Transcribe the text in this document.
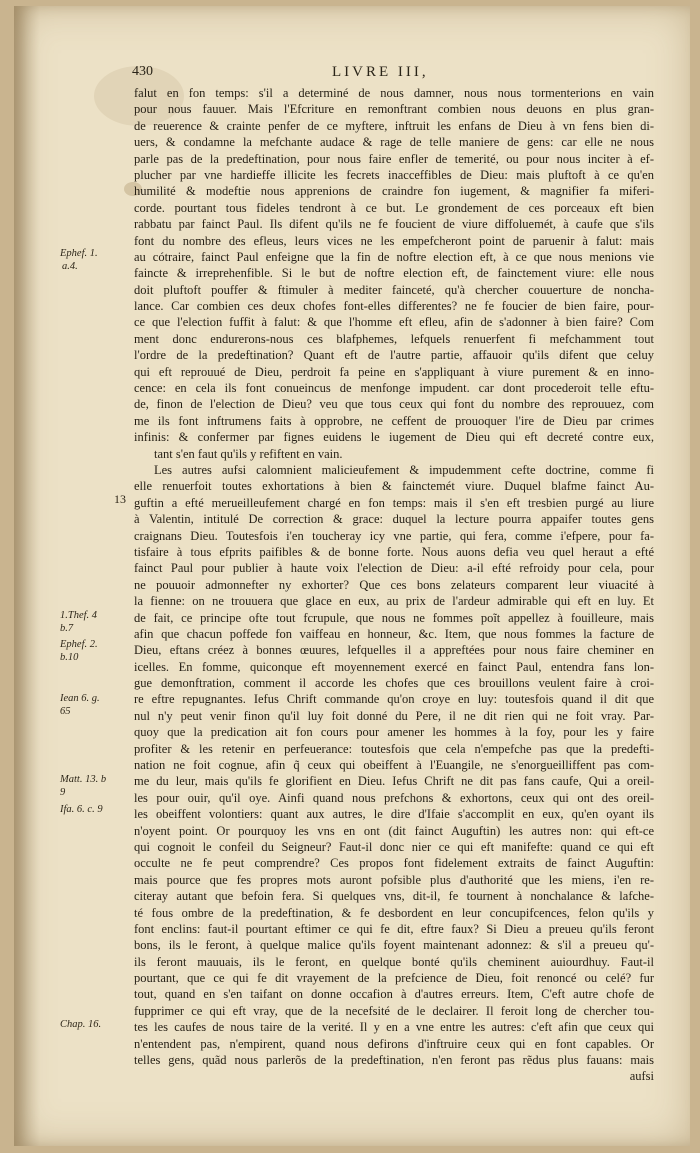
430	LIVRE III,
13
falut en fon temps: s'il a determiné de nous damner, nous nous tormenterions en vain
pour nous fauuer. Mais l'Efcriture en remonftrant combien nous deuons en plus gran-
de reuerence & crainte penfer de ce myftere, inftruit les enfans de Dieu à vn fens bien di-
uers, & condamne la mefchante audace & rage de telle maniere de gens: car elle ne nous
parle pas de la predeftination, pour nous faire enfler de temerité, ou pour nous inciter à ef-
plucher par vne hardieffe illicite les fecrets inacceffibles de Dieu: mais pluftoft à ce qu'en
humilité & modeftie nous apprenions de craindre fon iugement, & magnifier fa miferi-
corde. pourtant tous fideles tendront à ce but. Le grondement de ces porceaux eft bien
rabbatu par fainct Paul. Ils difent qu'ils ne fe foucient de viure diffoluemét, à caufe que s'ils
font du nombre des efleus, leurs vices ne les empefcheront point de paruenir à falut: mais
au cótraire, fainct Paul enfeigne que la fin de noftre election eft, à ce que nous menions vie
faincte & irreprehenfible. Si le but de noftre election eft, de fainctement viure: elle nous
doit pluftoft pouffer & ftimuler à mediter fainceté, qu'à chercher couuerture de noncha-
lance. Car combien ces deux chofes font-elles differentes? ne fe foucier de bien faire, pour-
ce que l'election fuffit à falut: & que l'homme eft efleu, afin de s'adonner à bien faire? Com
ment donc endurerons-nous ces blafphemes, lefquels renuerfent fi mefchamment tout
l'ordre de la predeftination? Quant eft de l'autre partie, affauoir qu'ils difent que celuy
qui eft reprouué de Dieu, perdroit fa peine en s'appliquant à viure purement & en inno-
cence: en cela ils font conueincus de menfonge impudent. car dont procederoit telle eftu-
de, finon de l'election de Dieu? veu que tous ceux qui font du nombre des reprouuez, com
me ils font inftrumens faits à opprobre, ne ceffent de prouoquer l'ire de Dieu par crimes
infinis: & confermer par fignes euidens le iugement de Dieu qui eft decreté contre eux,
tant s'en faut qu'ils y refiftent en vain.
Les autres aufsi calomnient malicieufement & impudemment cefte doctrine, comme fi
elle renuerfoit toutes exhortations à bien & fainctemét viure. Duquel blafme fainct Au-
guftin a efté merueilleufement chargé en fon temps: mais il s'en eft tresbien purgé au liure
à Valentin, intitulé De correction & grace: duquel la lecture pourra appaifer toutes gens
craignans Dieu. Toutesfois i'en toucheray icy vne partie, qui fera, comme i'efpere, pour fa-
tisfaire à tous efprits paifibles & de bonne forte. Nous auons defia veu quel heraut a efté
fainct Paul pour publier à haute voix l'election de Dieu: a-il efté refroidy pour cela, pour
ne pouuoir admonnefter ny exhorter? Que ces bons zelateurs comparent leur viuacité à
la fienne: on ne trouuera que glace en eux, au prix de l'ardeur admirable qui eft en luy. Et
de fait, ce principe ofte tout fcrupule, que nous ne fommes poĩt appellez à fouilleure, mais
afin que chacun poffede fon vaiffeau en honneur, &c. Item, que nous fommes la facture de
Dieu, eftans créez à bonnes œuures, lefquelles il a appreftées pour nous faire cheminer en
icelles. En fomme, quiconque eft moyennement exercé en fainct Paul, entendra fans lon-
gue demonftration, comment il accorde les chofes que ces brouillons veulent faire à croi-
re eftre repugnantes. Iefus Chrift commande qu'on croye en luy: toutesfois quand il dit que
nul n'y peut venir finon qu'il luy foit donné du Pere, il ne dit rien qui ne foit vray. Par-
quoy que la predication ait fon cours pour amener les hommes à la foy, pour les y faire
profiter & les retenir en perfeuerance: toutesfois que cela n'empefche pas que la predefti-
nation ne foit cognue, afin q̃ ceux qui obeiffent à l'Euangile, ne s'enorgueilliffent pas com-
me du leur, mais qu'ils fe glorifient en Dieu. Iefus Chrift ne dit pas fans caufe, Qui a oreil-
les pour ouir, qu'il oye. Ainfi quand nous prefchons & exhortons, ceux qui ont des oreil-
les obeiffent volontiers: quant aux autres, le dire d'Ifaie s'accomplit en eux, qu'en oyant ils
n'oyent point. Or pourquoy les vns en ont (dit fainct Auguftin) les autres non: qui eft-ce
qui cognoit le confeil du Seigneur? Faut-il donc nier ce qui eft manifefte: quand ce qui eft
occulte ne fe peut comprendre? Ces propos font fidelement extraits de fainct Auguftin:
mais pource que fes propres mots auront pofsible plus d'authorité que les miens, i'en re-
citeray autant que befoin fera. Si quelques vns, dit-il, fe tournent à nonchalance & lafche-
té fous ombre de la predeftination, & fe desbordent en leur concupifcences, felon qu'ils y
font enclins: faut-il pourtant eftimer ce qui fe dit, eftre faux? Si Dieu a preueu qu'ils feront
bons, ils le feront, à quelque malice qu'ils foyent maintenant adonnez: & s'il a preueu qu'-
ils feront mauuais, ils le feront, en quelque bonté qu'ils cheminent auiourdhuy. Faut-il
pourtant, que ce qui fe dit vrayement de la prefcience de Dieu, foit renoncé ou celé? fur
tout, quand en s'en taifant on donne occafion à d'autres erreurs. Item, C'eft autre chofe de
fupprimer ce qui eft vray, que de la necefsité de le declairer. Il feroit long de chercher tou-
tes les caufes de nous taire de la verité. Il y en a vne entre les autres: c'eft afin que ceux qui
n'entendent pas, n'empirent, quand nous defirons d'inftruire ceux qui en font capables. Or
telles gens, quãd nous parlerõs de la predeftination, n'en feront pas rẽdus plus fauans: mais
aufsi
Ephef. 1.
a.4.
1.Thef. 4
b.7
Ephef. 2.
b.10
Iean 6. g.
65
Matt. 13. b
9
Ifa. 6. c. 9
Chap. 16.
